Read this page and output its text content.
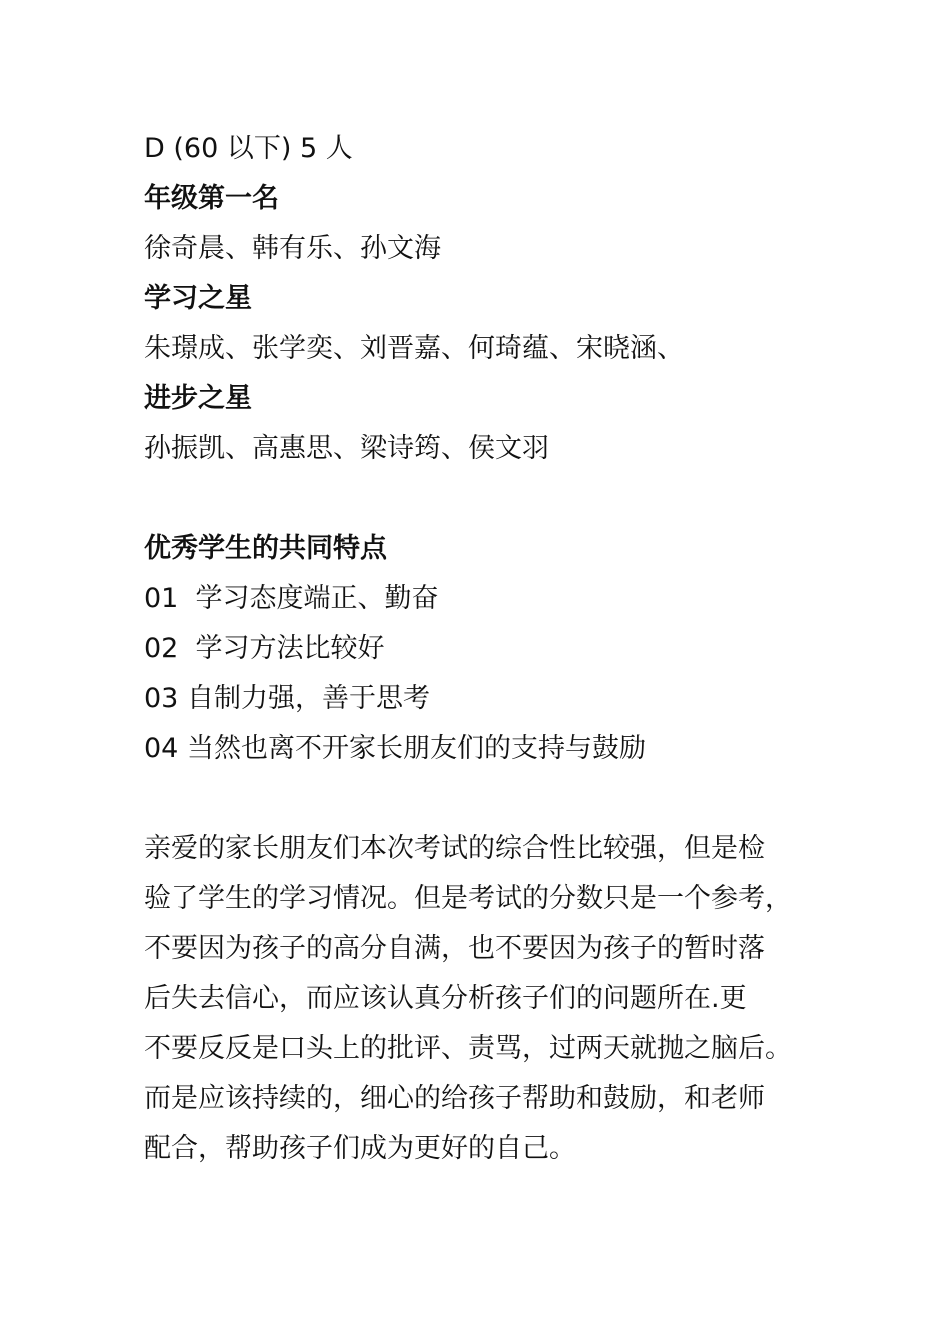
D (60 以下) 5 人
年级第一名
徐奇晨、韩有乐、孙文海
学习之星
朱璟成、张学奕、刘晋嘉、何琦蕴、宋晓涵、
进步之星
孙振凯、高惠思、梁诗筠、侯文羽
优秀学生的共同特点
01  学习态度端正、勤奋
02  学习方法比较好
03 自制力强，善于思考
04 当然也离不开家长朋友们的支持与鼓励
亲爱的家长朋友们本次考试的综合性比较强，但是检
验了学生的学习情况。但是考试的分数只是一个参考，
不要因为孩子的高分自满，也不要因为孩子的暂时落
后失去信心，而应该认真分析孩子们的问题所在.更
不要反反是口头上的批评、责骂，过两天就抛之脑后。
而是应该持续的，细心的给孩子帮助和鼓励，和老师
配合，帮助孩子们成为更好的自己。
